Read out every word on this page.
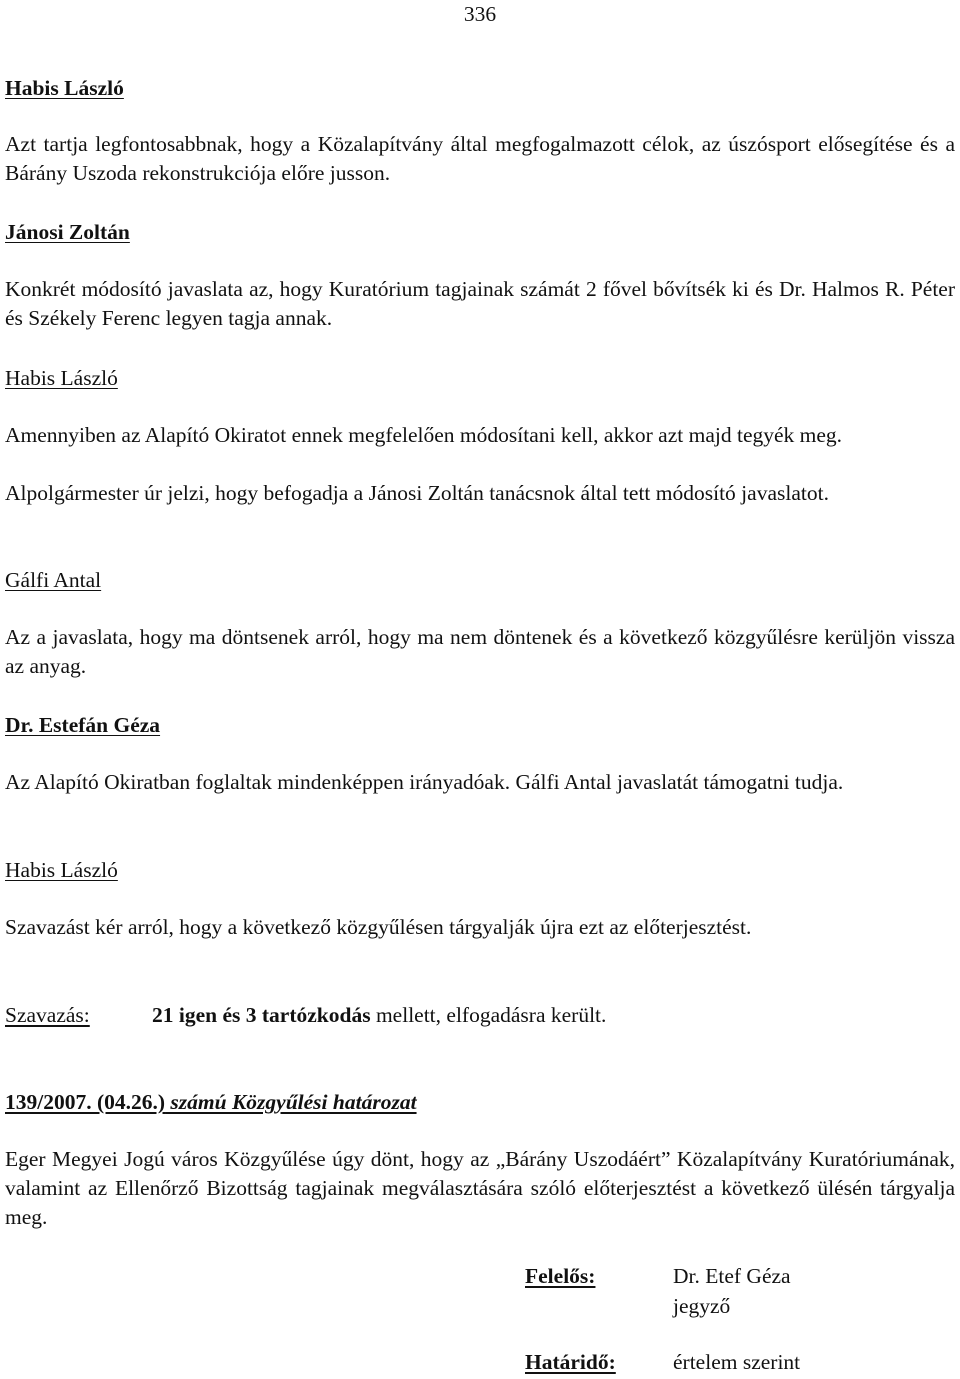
336
Habis László
Azt tartja legfontosabbnak, hogy a Közalapítvány által megfogalmazott célok, az úszósport elősegítése és a Bárány Uszoda rekonstrukciója előre jusson.
Jánosi Zoltán
Konkrét módosító javaslata az, hogy Kuratórium tagjainak számát 2 fővel bővítsék ki és Dr. Halmos R. Péter és Székely Ferenc legyen tagja annak.
Habis László
Amennyiben az Alapító Okiratot ennek megfelelően módosítani kell, akkor azt majd tegyék meg.
Alpolgármester úr jelzi, hogy befogadja a Jánosi Zoltán tanácsnok által tett módosító javaslatot.
Gálfi Antal
Az a javaslata, hogy ma döntsenek arról, hogy ma nem döntenek és a következő közgyűlésre kerüljön vissza az anyag.
Dr. Estefán Géza
Az Alapító Okiratban foglaltak mindenképpen irányadóak. Gálfi Antal javaslatát támogatni tudja.
Habis László
Szavazást kér arról, hogy a következő közgyűlésen tárgyalják újra ezt az előterjesztést.
Szavazás:	21 igen és 3 tartózkodás mellett, elfogadásra került.
139/2007. (04.26.) számú Közgyűlési határozat
Eger Megyei Jogú város Közgyűlése úgy dönt, hogy az „Bárány Uszodáért” Közalapítvány Kuratóriumának, valamint az Ellenőrző Bizottság tagjainak megválasztására szóló előterjesztést a következő ülésén tárgyalja meg.
Felelős:	Dr. Etef Géza
jegyző
Határidő:	értelem szerint
